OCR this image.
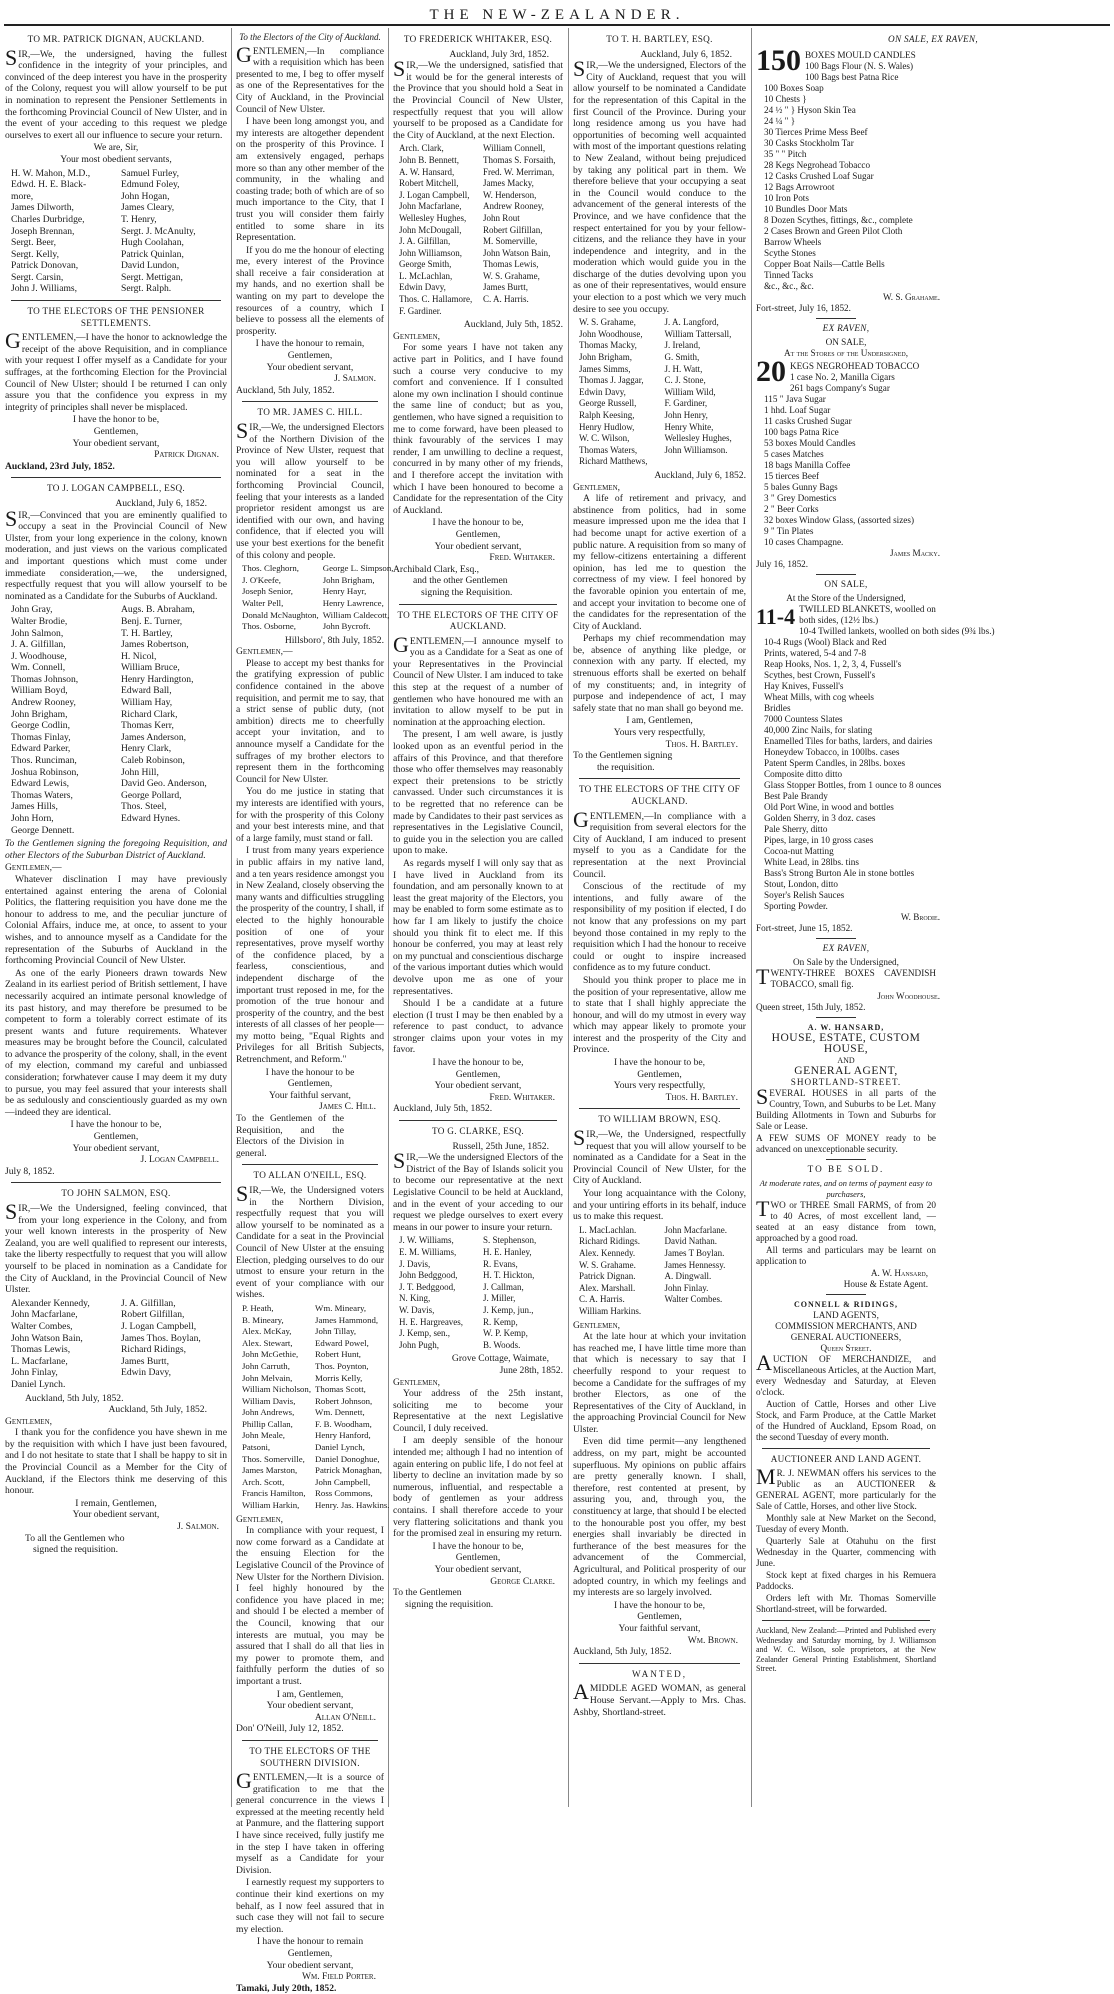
THE NEW-ZEALANDER.
TO MR. PATRICK DIGNAN, AUCKLAND.

SIR,—We, the undersigned, having the fullest confidence in the integrity of your principles, and convinced of the deep interest you have in the prosperity of the Colony, request you will allow yourself to be put in nomination to represent the Pensioner Settlements in the forthcoming Provincial Council of New Ulster, and in the event of your acceding to this request we pledge ourselves to exert all our influence to secure your return.

We are, Sir,
Your most obedient servants,
H. W. Mahon, M.D.,	Samuel Furley,
Edwd. H. E. Black-	Edmund Foley,
more,	John Hogan,
James Dilworth,	James Cleary,
Charles Durbridge,	T. Henry,
Joseph Brennan,	Sergt. J. McAnulty,
Sergt. Beer,	Hugh Coolahan,
Sergt. Kelly,	Patrick Quinlan,
Patrick Donovan,	David Lundon,
Sergt. Carsin,	Sergt. Mettigan,
John J. Williams,	Sergt. Ralph.
TO THE ELECTORS OF THE PENSIONER SETTLEMENTS.

GENTLEMEN,—I have the honor to acknowledge the receipt of the above Requisition, and in compliance with your request I offer myself as a Candidate for your suffrages, at the forthcoming Election for the Provincial Council of New Ulster; should I be returned I can only assure you that the confidence you express in my integrity of principles shall never be misplaced.

I have the honor to be,
Gentlemen,
Your obedient servant,
Patrick Dignan.
Auckland, 23rd July, 1852.
TO J. LOGAN CAMPBELL, ESQ.
Auckland, July 6, 1852.

SIR,—Convinced that you are eminently qualified to occupy a seat in the Provincial Council of New Ulster, from your long experience in the colony, known moderation, and just views on the various complicated and important questions which must come under immediate consideration,—we, the undersigned, respectfully request that you will allow yourself to be nominated as a Candidate for the Suburbs of Auckland.

John Gray,	Augs. B. Abraham,
Walter Brodie,	Benj. E. Turner,
John Salmon,	T. H. Bartley,
J. A. Gilfillan,	James Robertson,
J. Woodhouse,	H. Nicol,
Wm. Connell,	William Bruce,
Thomas Johnson,	Henry Hardington,
William Boyd,	Edward Ball,
Andrew Rooney,	William Hay,
John Brigham,	Richard Clark,
George Codlin,	Thomas Kerr,
Thomas Finlay,	James Anderson,
Edward Parker,	Henry Clark,
Thos. Runciman,	Caleb Robinson,
Joshua Robinson,	John Hill,
Edward Lewis,	David Geo. Anderson,
Thomas Waters,	George Pollard,
James Hills,	Thos. Steel,
John Horn,	Edward Hynes.
George Dennett.

To the Gentlemen signing the foregoing Requisition, and other Electors of the Suburban District of Auckland.

Gentlemen,—

Whatever disclination I may have previously entertained against entering the arena of Colonial Politics, the flattering requisition you have done me the honour to address to me, and the peculiar juncture of Colonial Affairs, induce me, at once, to assent to your wishes, and to announce myself as a Candidate for the representation of the Suburbs of Auckland in the forthcoming Provincial Council of New Ulster.

As one of the early Pioneers drawn towards New Zealand in its earliest period of British settlement, I have necessarily acquired an intimate personal knowledge of its past history, and may therefore be presumed to be competent to form a tolerably correct estimate of its present wants and future requirements. Whatever measures may be brought before the Council, calculated to advance the prosperity of the colony, shall, in the event of my election, command my careful and unbiassed consideration; forwhatever cause I may deem it my duty to pursue, you may feel assured that your interests shall be as sedulously and conscientiously guarded as my own—indeed they are identical.

I have the honour to be,
Gentlemen,
Your obedient servant,
J. Logan Campbell.
July 8, 1852.
TO JOHN SALMON, ESQ.

SIR,—We the Undersigned, feeling convinced, that from your long experience in the Colony, and from your well known interests in the prosperity of New Zealand, you are well qualified to represent our interests, take the liberty respectfully to request that you will allow yourself to be placed in nomination as a Candidate for the City of Auckland, in the Provincial Council of New Ulster.

Alexander Kennedy,	J. A. Gilfillan,
John Macfarlane,	Robert Gilfillan,
Walter Combes,	J. Logan Campbell,
John Watson Bain,	James Thos. Boylan,
Thomas Lewis,	Richard Ridings,
L. Macfarlane,	James Burtt,
John Finlay,	Edwin Davy,
Daniel Lynch.
Auckland, 5th July, 1852.
Auckland, 5th July, 1852.
Gentlemen,

I thank you for the confidence you have shewn in me by the requisition with which I have just been favoured, and I do not hesitate to state that I shall be happy to sit in the Provincial Council as a Member for the City of Auckland, if the Electors think me deserving of this honour.

I remain, Gentlemen,
Your obedient servant,
J. Salmon.
To all the Gentlemen who
signed the requisition.
To the Electors of the City of Auckland.

GENTLEMEN,—In compliance with a requisition which has been presented to me, I beg to offer myself as one of the Representatives for the City of Auckland, in the Provincial Council of New Ulster.

I have been long amongst you, and my interests are altogether dependent on the prosperity of this Province. I am extensively engaged, perhaps more so than any other member of the community, in the whaling and coasting trade; both of which are of so much importance to the City, that I trust you will consider them fairly entitled to some share in its Representation.

If you do me the honour of electing me, every interest of the Province shall receive a fair consideration at my hands, and no exertion shall be wanting on my part to develope the resources of a country, which I believe to possess all the elements of prosperity.

I have the honour to remain,
Gentlemen,
Your obedient servant,
J. Salmon.
Auckland, 5th July, 1852.
TO MR. JAMES C. HILL.

SIR,—We, the undersigned Electors of the Northern Division of the Province of New Ulster, request that you will allow yourself to be nominated for a seat in the forthcoming Provincial Council, feeling that your interests as a landed proprietor resident amongst us are identified with our own, and having confidence, that if elected you will use your best exertions for the benefit of this colony and people.

Thos. Cleghorn,	George L. Simpson,
J. O'Keefe,	John Brigham,
Joseph Senior,	Henry Hayr,
Walter Pell,	Henry Lawrence,
Donald McNaughton, William Caldecott,
Thos. Osborne,	John Bycroft.
Hillsboro', 8th July, 1852.
Gentlemen,—

Please to accept my best thanks for the gratifying expression of public confidence contained in the above requisition, and permit me to say, that a strict sense of public duty, (not ambition) directs me to cheerfully accept your invitation, and to announce myself a Candidate for the suffrages of my brother electors to represent them in the forthcoming Council for New Ulster.

You do me justice in stating that my interests are identified with yours, for with the prosperity of this Colony and your best interests mine, and that of a large family, must stand or fall.

I trust from many years experience in public affairs in my native land, and a ten years residence amongst you in New Zealand, closely observing the many wants and difficulties struggling the prosperity of the country, I shall, if elected to the highly honourable position of one of your representatives, prove myself worthy of the confidence placed, by a fearless, conscientious, and independent discharge of the important trust reposed in me, for the promotion of the true honour and prosperity of the country, and the best interests of all classes of her people—my motto being, "Equal Rights and Privileges for all British Subjects, Retrenchment, and Reform."

I have the honour to be
Gentlemen,
Your faithful servant,
James C. Hill.

To the Gentlemen of the Requisition, and the Electors of the Division in general.

TO ALLAN O'NEILL, ESQ.

SIR,—We, the Undersigned voters in the Northern Division, respectfully request that you will allow yourself to be nominated as a Candidate for a seat in the Provincial Council of New Ulster at the ensuing Election, pledging ourselves to do our utmost to ensure your return in the event of your compliance with our wishes.

P. Heath,	Wm. Mineary,
B. Mineary,	James Hammond,
Alex. McKay,	John Tillay,
Alex. Stewart,	Edward Powel,
John McGethie,	Robert Hunt,
John Carruth,	Thos. Poynton,
John Melvain,	Morris Kelly,
William Nicholson, Thomas Scott,
William Davis,	Robert Johnson,
John Andrews,	Wm. Dennett,
Phillip Callan,	F. B. Woodham,
John Meale,	Henry Hanford,
Patsoni,	Daniel Lynch,
Thos. Somerville,	Daniel Donoghue,
James Marston,	Patrick Monaghan,
Arch. Scott,	John Campbell,
Francis Hamilton,	Ross Commons,
William Harkin,	Henry. Jas. Hawkins.
Gentlemen,

In compliance with your request, I now come forward as a Candidate at the ensuing Election for the Legislative Council of the Province of New Ulster for the Northern Division. I feel highly honoured by the confidence you have placed in me; and should I be elected a member of the Council, knowing that our interests are mutual, you may be assured that I shall do all that lies in my power to promote them, and faithfully perform the duties of so important a trust.

I am, Gentlemen,
Your obedient servant,
Allan O'Neill.
Don' O'Neill, July 12, 1852.
TO THE ELECTORS OF THE SOUTHERN DIVISION.

GENTLEMEN,—It is a source of gratification to me that the general concurrence in the views I expressed at the meeting recently held at Panmure, and the flattering support I have since received, fully justify me in the step I have taken in offering myself as a Candidate for your Division.

I earnestly request my supporters to continue their kind exertions on my behalf, as I now feel assured that in such case they will not fail to secure my election.

I have the honour to remain Gentlemen,
Your obedient servant,
Wm. Field Porter.
Tamaki, July 20th, 1852.
TO FREDERICK WHITAKER, ESQ.
Auckland, July 3rd, 1852.

SIR,—We the undersigned, satisfied that it would be for the general interests of the Province that you should hold a Seat in the Provincial Council of New Ulster, respectfully request that you will allow yourself to be proposed as a Candidate for the City of Auckland, at the next Election.

Arch. Clark,	William Connell,
John B. Bennett,	Thomas S. Forsaith,
A. W. Hansard,	Fred. W. Merriman,
Robert Mitchell,	James Macky,
J. Logan Campbell,	W. Henderson,
John Macfarlane,	Andrew Rooney,
Wellesley Hughes,	John Rout
John McDougall,	Robert Gilfillan,
J. A. Gilfillan,	M. Somerville,
John Williamson,	John Watson Bain,
George Smith,	Thomas Lewis,
L. McLachlan,	W. S. Grahame,
Edwin Davy,	James Burtt,
Thos. C. Hallamore,	C. A. Harris.
F. Gardiner.
Auckland, July 5th, 1852.
Gentlemen,

For some years I have not taken any active part in Politics, and I have found such a course very conducive to my comfort and convenience. If I consulted alone my own inclination I should continue the same line of conduct; but as you, gentlemen, who have signed a requisition to me to come forward, have been pleased to think favourably of the services I may render, I am unwilling to decline a request, concurred in by many other of my friends, and I therefore accept the invitation with which I have been honoured to become a Candidate for the representation of the City of Auckland.

I have the honour to be,
Gentlemen,
Your obedient servant,
Fred. Whitaker.
Archibald Clark, Esq.,
and the other Gentlemen
signing the Requisition.
TO THE ELECTORS OF THE CITY OF AUCKLAND.

GENTLEMEN,—I announce myself to you as a Candidate for a Seat as one of your Representatives in the Provincial Council of New Ulster. I am induced to take this step at the request of a number of gentlemen who have honoured me with an invitation to allow myself to be put in nomination at the approaching election.

The present, I am well aware, is justly looked upon as an eventful period in the affairs of this Province, and that therefore those who offer themselves may reasonably expect their pretensions to be strictly canvassed. Under such circumstances it is to be regretted that no reference can be made by Candidates to their past services as representatives in the Legislative Council, to guide you in the selection you are called upon to make.

As regards myself I will only say that as I have lived in Auckland from its foundation, and am personally known to at least the great majority of the Electors, you may be enabled to form some estimate as to how far I am likely to justify the choice should you think fit to elect me. If this honour be conferred, you may at least rely on my punctual and conscientious discharge of the various important duties which would devolve upon me as one of your representatives.

Should I be a candidate at a future election (I trust I may be then enabled by a reference to past conduct, to advance stronger claims upon your votes in my favor.

I have the honour to be,
Gentlemen,
Your obedient servant,
Fred. Whitaker.
Auckland, July 5th, 1852.
TO G. CLARKE, ESQ.
Russell, 25th June, 1852.

SIR,—We the undersigned Electors of the District of the Bay of Islands solicit you to become our representative at the next Legislative Council to be held at Auckland, and in the event of your acceding to our request we pledge ourselves to exert every means in our power to insure your return.

J. W. Williams,	S. Stephenson,
E. M. Williams,	H. E. Hanley,
J. Davis,	R. Evans,
John Bedggood,	H. T. Hickton,
J. T. Bedggood,	J. Callman,
N. King,	J. Miller,
W. Davis,	J. Kemp, jun.,
H. E. Hargreaves,	R. Kemp,
J. Kemp, sen.,	W. P. Kemp,
John Pugh,	B. Woods.
Grove Cottage, Waimate,
June 28th, 1852.
Gentlemen,

Your address of the 25th instant, soliciting me to become your Representative at the next Legislative Council, I duly received.

I am deeply sensible of the honour intended me; although I had no intention of again entering on public life, I do not feel at liberty to decline an invitation made by so numerous, influential, and respectable a body of gentlemen as your address contains. I shall therefore accede to your very flattering solicitations and thank you for the promised zeal in ensuring my return.

I have the honour to be,
Gentlemen,
Your obedient servant,
George Clarke.
To the Gentlemen
signing the requisition.
TO T. H. BARTLEY, ESQ.
Auckland, July 6, 1852.

SIR,—We the undersigned, Electors of the City of Auckland, request that you will allow yourself to be nominated a Candidate for the representation of this Capital in the first Council of the Province. During your long residence among us you have had opportunities of becoming well acquainted with most of the important questions relating to New Zealand, without being prejudiced by taking any political part in them. We therefore believe that your occupying a seat in the Council would conduce to the advancement of the general interests of the Province, and we have confidence that the respect entertained for you by your fellow-citizens, and the reliance they have in your independence and integrity, and in the moderation which would guide you in the discharge of the duties devolving upon you as one of their representatives, would ensure your election to a post which we very much desire to see you occupy.

W. S. Grahame,	J. A. Langford,
John Woodhouse,	William Tattersall,
Thomas Macky,	J. Ireland,
John Brigham,	G. Smith,
James Simms,	J. H. Watt,
Thomas J. Jaggar,	C. J. Stone,
Edwin Davy,	William Wild,
George Russell,	F. Gardiner,
Ralph Keesing,	John Henry,
Henry Hudlow,	Henry White,
W. C. Wilson,	Wellesley Hughes,
Thomas Waters,	John Williamson.
Richard Matthews,
Auckland, July 6, 1852.
Gentlemen,

A life of retirement and privacy, and abstinence from politics, had in some measure impressed upon me the idea that I had become unapt for active exertion of a public nature. A requisition from so many of my fellow-citizens entertaining a different opinion, has led me to question the correctness of my view. I feel honored by the favorable opinion you entertain of me, and accept your invitation to become one of the candidates for the representation of the City of Auckland.

Perhaps my chief recommendation may be, absence of anything like pledge, or connexion with any party. If elected, my strenuous efforts shall be exerted on behalf of my constituents; and, in integrity of purpose and independence of act, I may safely state that no man shall go beyond me.

I am, Gentlemen,
Yours very respectfully,
Thos. H. Bartley.
To the Gentlemen signing
the requisition.
TO THE ELECTORS OF THE CITY OF AUCKLAND.

GENTLEMEN,—In compliance with a requisition from several electors for the City of Auckland, I am induced to present myself to you as a Candidate for the representation at the next Provincial Council.

Conscious of the rectitude of my intentions, and fully aware of the responsibility of my position if elected, I do not know that any professions on my part beyond those contained in my reply to the requisition which I had the honour to receive could or ought to inspire increased confidence as to my future conduct.

Should you think proper to place me in the position of your representative, allow me to state that I shall highly appreciate the honour, and will do my utmost in every way which may appear likely to promote your interest and the prosperity of the City and Province.

I have the honour to be,
Gentlemen,
Yours very respectfully,
Thos. H. Bartley.
TO WILLIAM BROWN, ESQ.

SIR,—We, the Undersigned, respectfully request that you will allow yourself to be nominated as a Candidate for a Seat in the Provincial Council of New Ulster, for the City of Auckland.

Your long acquaintance with the Colony, and your untiring efforts in its behalf, induce us to make this request.

L. MacLachlan.	John Macfarlane.
Richard Ridings.	David Nathan.
Alex. Kennedy.	James T Boylan.
W. S. Grahame.	James Hennessy.
Patrick Dignan.	A. Dingwall.
Alex. Marshall.	John Finlay.
C. A. Harris.	Walter Combes.
William Harkins.
Gentlemen,

At the late hour at which your invitation has reached me, I have little time more than that which is necessary to say that I cheerfully respond to your request to become a Candidate for the suffrages of my brother Electors, as one of the Representatives of the City of Auckland, in the approaching Provincial Council for New Ulster.

Even did time permit—any lengthened address, on my part, might be accounted superfluous. My opinions on public affairs are pretty generally known. I shall, therefore, rest contented at present, by assuring you, and, through you, the constituency at large, that should I be elected to the honourable post you offer, my best energies shall invariably be directed in furtherance of the best measures for the advancement of the Commercial, Agricultural, and Political prosperity of our adopted country, in which my feelings and my interests are so largely involved.

I have the honour to be,
Gentlemen,
Your faithful servant,
Wm. Brown.
Auckland, 5th July, 1852.
WANTED,

AMIDDLE AGED WOMAN, as general House Servant.—Apply to Mrs. Chas. Ashby, Shortland-street.

ON SALE, EX RAVEN,
150 BOXES MOULD CANDLES
100 Bags Flour (N. S. Wales)
100 Bags best Patna Rice
100 Boxes Soap
10 Chests }
24 ½ " } Hyson Skin Tea
24 ¼ " }
30 Tierces Prime Mess Beef
30 Casks Stockholm Tar
35 " " Pitch
28 Kegs Negrohead Tobacco
12 Casks Crushed Loaf Sugar
12 Bags Arrowroot
10 Iron Pots
10 Bundles Door Mats
8 Dozen Scythes, fittings, &c., complete
2 Cases Brown and Green Pilot Cloth
Barrow Wheels
Scythe Stones
Copper Boat Nails—Cattle Bells
Tinned Tacks
&c., &c., &c.
W. S. Grahame.
Fort-street, July 16, 1852.
EX RAVEN,
ON SALE,
At the Stores of the Undersigned,
20 KEGS NEGROHEAD TOBACCO
1 case No. 2, Manilla Cigars
261 bags Company's Sugar
115 " Java Sugar
1 hhd. Loaf Sugar
11 casks Crushed Sugar
100 bags Patna Rice
53 boxes Mould Candles
5 cases Matches
18 bags Manilla Coffee
15 tierces Beef
5 bales Gunny Bags
3 " Grey Domestics
2 " Beer Corks
32 boxes Window Glass, (assorted sizes)
9 " Tin Plates
10 cases Champagne.
James Macky.
July 16, 1852.
ON SALE,
At the Store of the Undersigned,
11-4 TWILLED BLANKETS, woolled on both sides, (12½ lbs.)
10-4 Twilled lankets, woolled on both sides (9¾ lbs.)
10-4 Rugs (Wool) Black and Red
Prints, watered, 5-4 and 7-8
Reap Hooks, Nos. 1, 2, 3, 4, Fussell's
Scythes, best Crown, Fussell's
Hay Knives, Fussell's
Wheat Mills, with cog wheels
Bridles
7000 Countess Slates
40,000 Zinc Nails, for slating
Enamelled Tiles for baths, larders, and dairies
Honeydew Tobacco, in 100lbs. cases
Patent Sperm Candles, in 28lbs. boxes
Composite ditto ditto
Glass Stopper Bottles, from 1 ounce to 8 ounces
Best Pale Brandy
Old Port Wine, in wood and bottles
Golden Sherry, in 3 doz. cases
Pale Sherry, ditto
Pipes, large, in 10 gross cases
Cocoa-nut Matting
White Lead, in 28lbs. tins
Bass's Strong Burton Ale in stone bottles
Stout, London, ditto
Soyer's Relish Sauces
Sporting Powder.
W. Brodie.
Fort-street, June 15, 1852.
EX RAVEN,
On Sale by the Undersigned,

TWENTY-THREE BOXES CAVENDISH TOBACCO, small fig.

John Woodhouse.
Queen street, 15th July, 1852.
A. W. HANSARD,
HOUSE, ESTATE, CUSTOM HOUSE,
AND
GENERAL AGENT,
SHORTLAND-STREET.

SEVERAL HOUSES in all parts of the Country, Town, and Suburbs to be Let. Many Building Allotments in Town and Suburbs for Sale or Lease.

A FEW SUMS OF MONEY ready to be advanced on unexceptionable security.

TO BE SOLD.
At moderate rates, and on terms of payment easy to purchasers,

TWO or THREE Small FARMS, of from 20 to 40 Acres, of most excellent land, — seated at an easy distance from town, approached by a good road.

All terms and particulars may be learnt on application to

A. W. Hansard,
House & Estate Agent.
CONNELL & RIDINGS,
LAND AGENTS,
COMMISSION MERCHANTS, AND
GENERAL AUCTIONEERS,
Queen Street.

AUCTION OF MERCHANDIZE, and Miscellaneous Articles, at the Auction Mart, every Wednesday and Saturday, at Eleven o'clock.

Auction of Cattle, Horses and other Live Stock, and Farm Produce, at the Cattle Market of the Hundred of Auckland, Epsom Road, on the second Tuesday of every month.

AUCTIONEER AND LAND AGENT.

MR. J. NEWMAN offers his services to the Public as an AUCTIONEER & GENERAL AGENT, more particularly for the Sale of Cattle, Horses, and other live Stock.

Monthly sale at New Market on the Second, Tuesday of every Month.

Quarterly Sale at Otahuhu on the first Wednesday in the Quarter, commencing with June.

Stock kept at fixed charges in his Remuera Paddocks.

Orders left with Mr. Thomas Somerville Shortland-street, will be forwarded.

Auckland, New Zealand:—Printed and Published every Wednesday and Saturday morning, by J. Williamson and W. C. Wilson, sole proprietors, at the New Zealander General Printing Establishment, Shortland Street.
